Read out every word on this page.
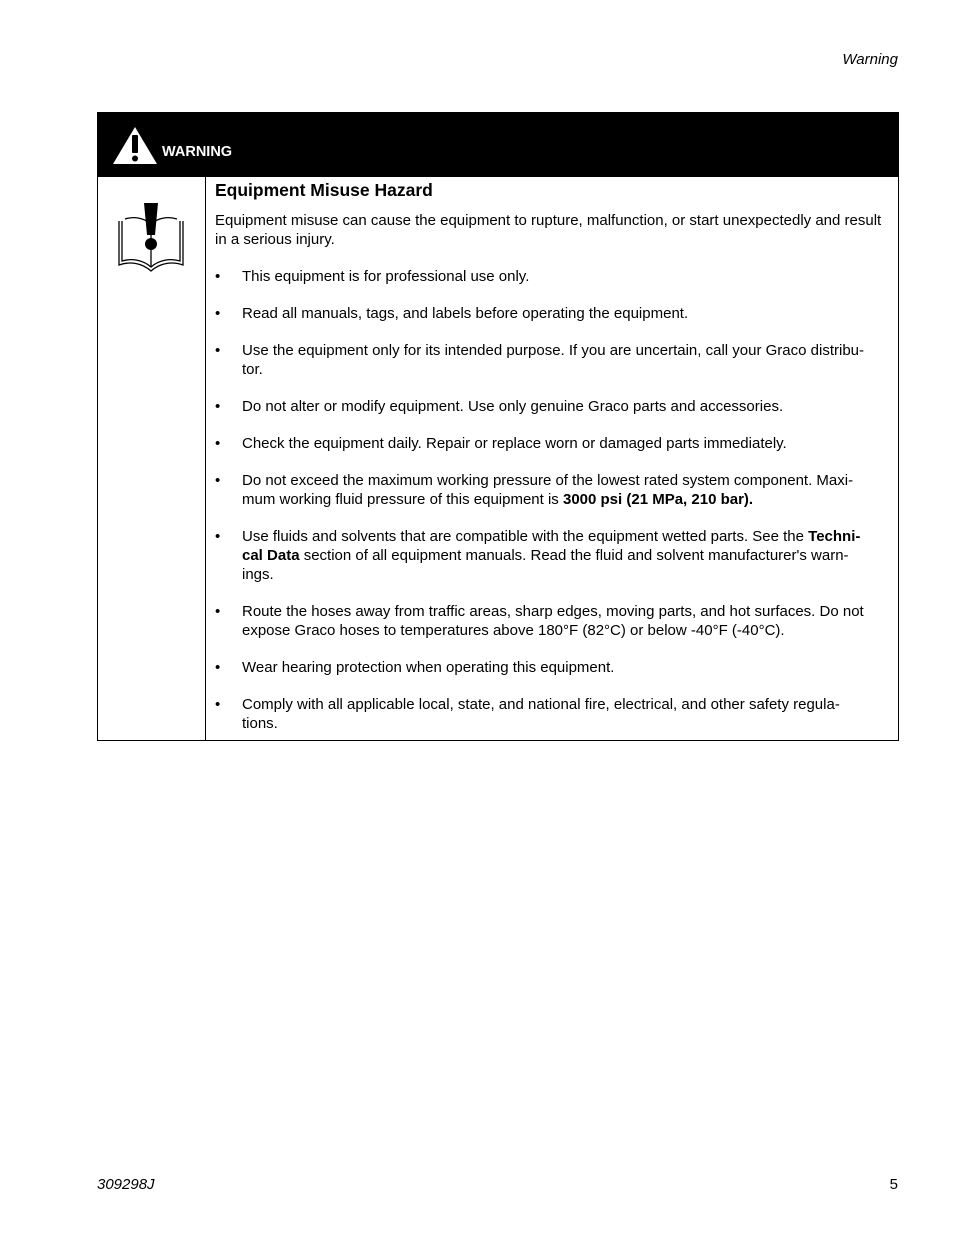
Warning
WARNING
Equipment Misuse Hazard

Equipment misuse can cause the equipment to rupture, malfunction, or start unexpectedly and result in a serious injury.

• This equipment is for professional use only.
• Read all manuals, tags, and labels before operating the equipment.
• Use the equipment only for its intended purpose. If you are uncertain, call your Graco distribu-
tor.
• Do not alter or modify equipment. Use only genuine Graco parts and accessories.
• Check the equipment daily. Repair or replace worn or damaged parts immediately.
• Do not exceed the maximum working pressure of the lowest rated system component. Maxi-
mum working fluid pressure of this equipment is 3000 psi (21 MPa, 210 bar).
• Use fluids and solvents that are compatible with the equipment wetted parts. See the Techni-
cal Data section of all equipment manuals. Read the fluid and solvent manufacturer's warn-
ings.
• Route the hoses away from traffic areas, sharp edges, moving parts, and hot surfaces. Do not
expose Graco hoses to temperatures above 180°F (82°C) or below -40°F (-40°C).
• Wear hearing protection when operating this equipment.
• Comply with all applicable local, state, and national fire, electrical, and other safety regula-
tions.
309298J	5
